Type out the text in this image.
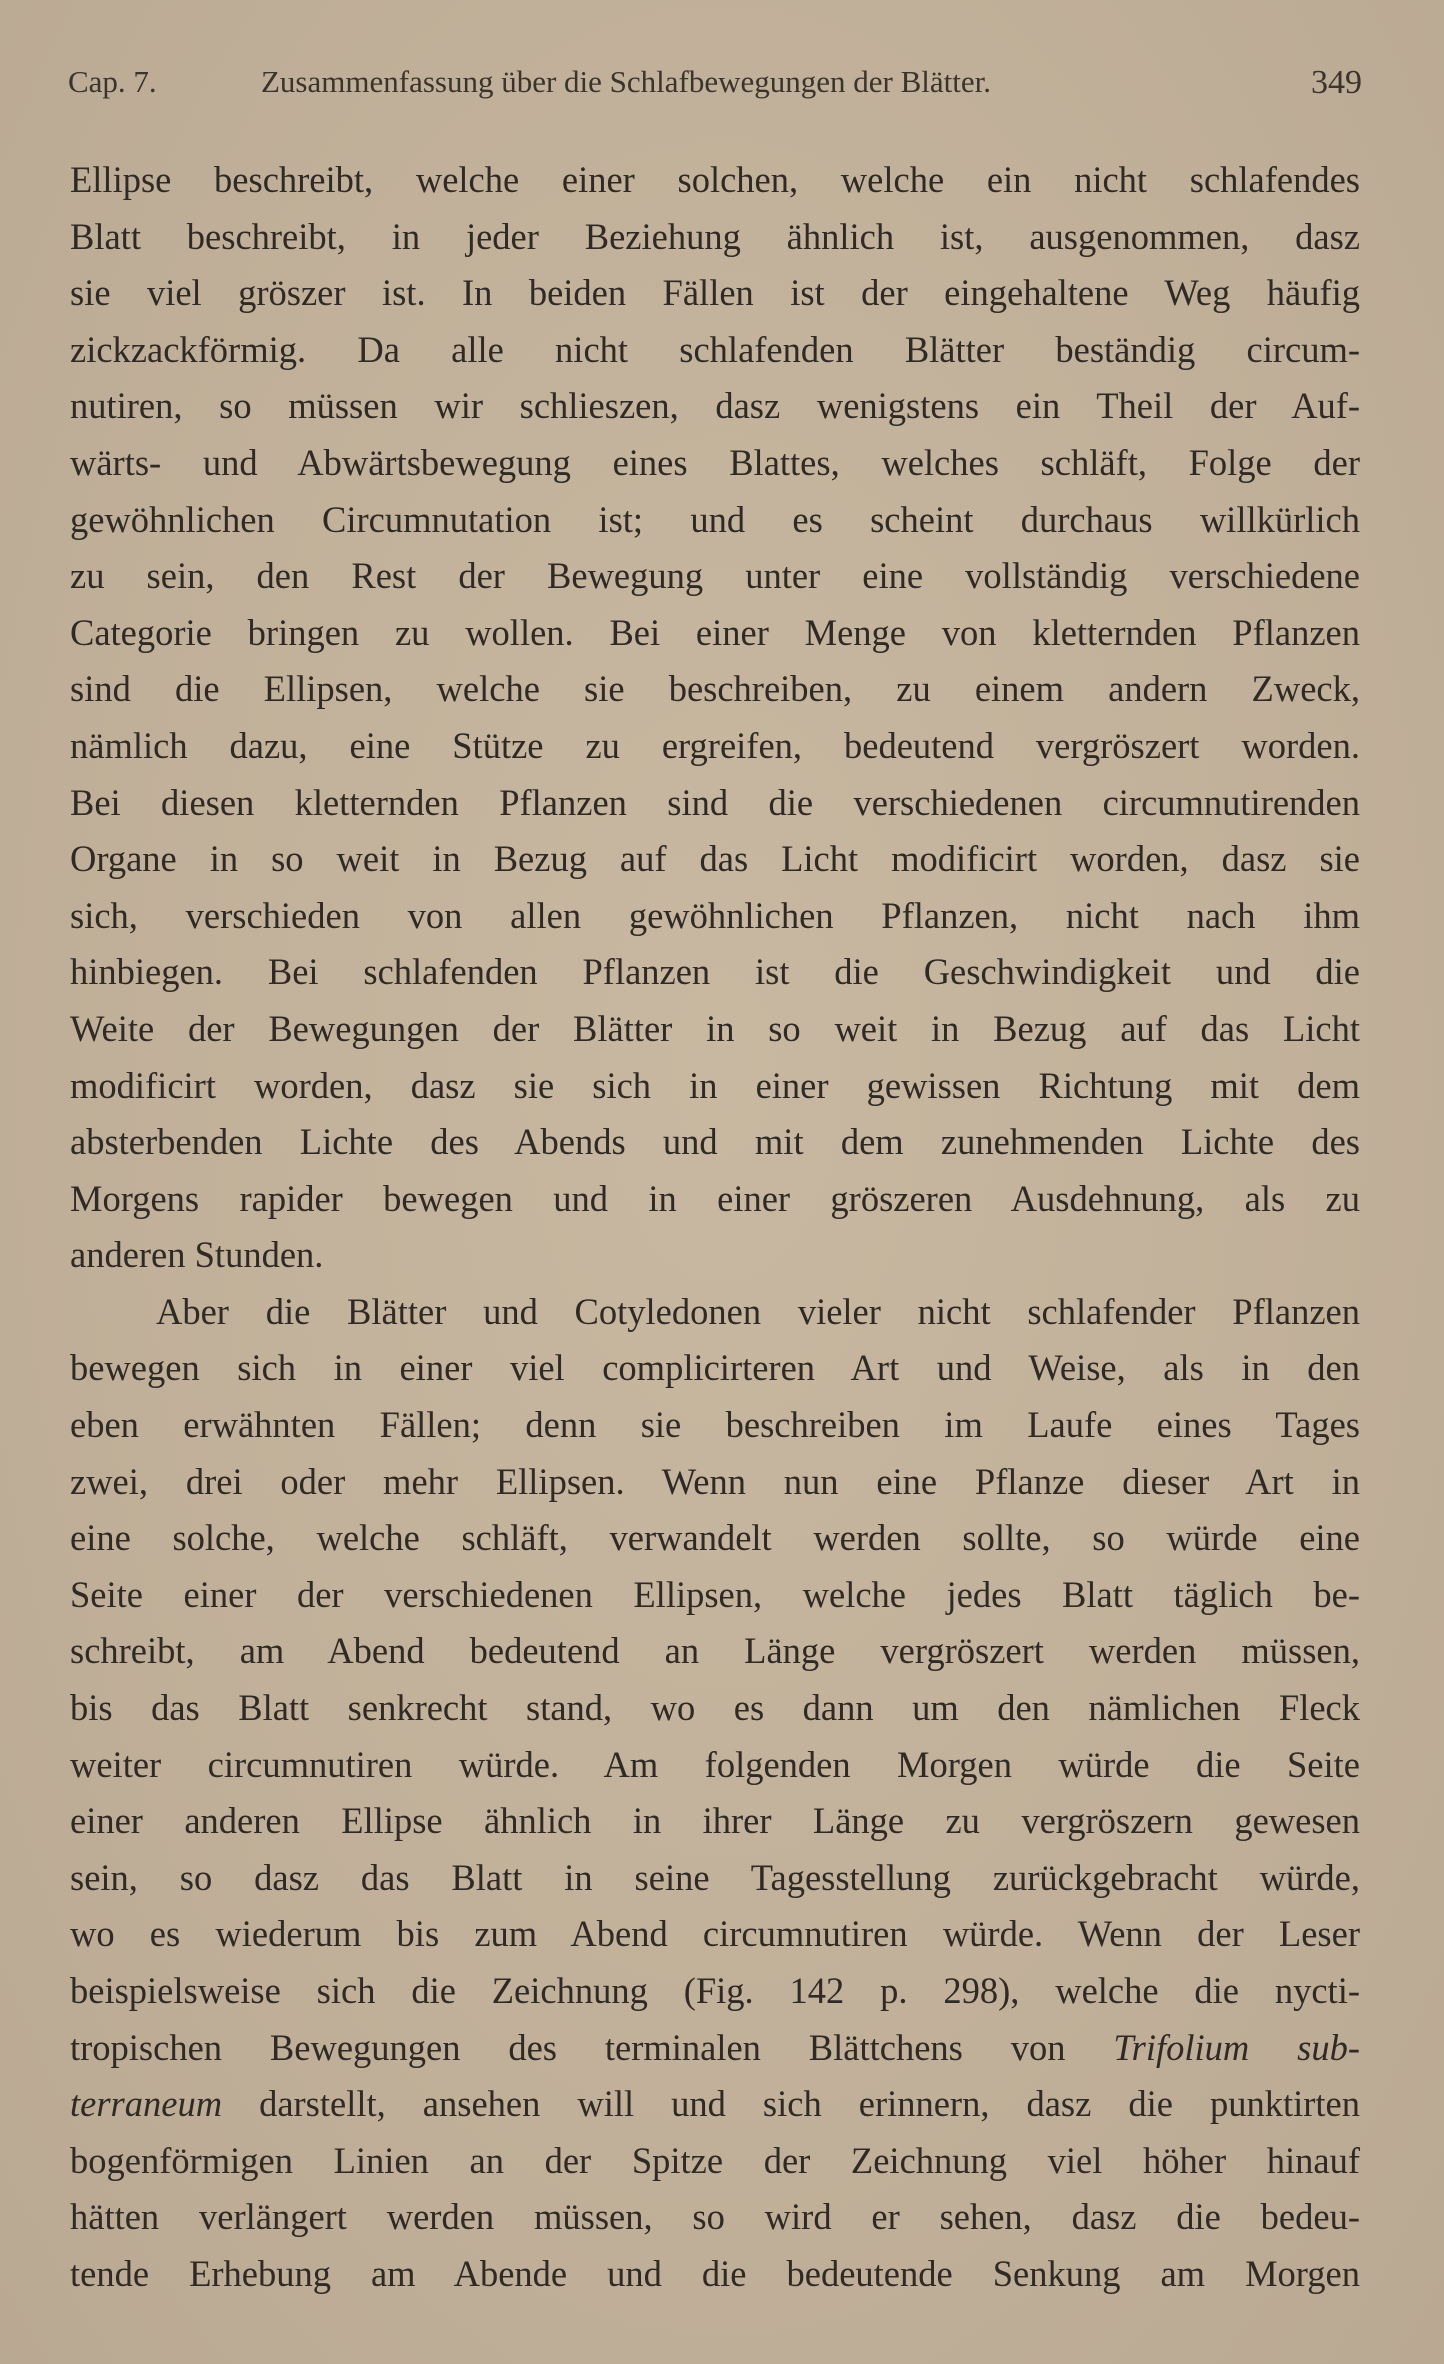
Cap. 7.	Zusammenfassung über die Schlafbewegungen der Blätter.	349
Ellipse beschreibt, welche einer solchen, welche ein nicht schlafendes
Blatt beschreibt, in jeder Beziehung ähnlich ist, ausgenommen, dasz
sie viel gröszer ist. In beiden Fällen ist der eingehaltene Weg häufig
zickzackförmig. Da alle nicht schlafenden Blätter beständig circum-
nutiren, so müssen wir schlieszen, dasz wenigstens ein Theil der Auf-
wärts- und Abwärtsbewegung eines Blattes, welches schläft, Folge der
gewöhnlichen Circumnutation ist; und es scheint durchaus willkürlich
zu sein, den Rest der Bewegung unter eine vollständig verschiedene
Categorie bringen zu wollen. Bei einer Menge von kletternden Pflanzen
sind die Ellipsen, welche sie beschreiben, zu einem andern Zweck,
nämlich dazu, eine Stütze zu ergreifen, bedeutend vergröszert worden.
Bei diesen kletternden Pflanzen sind die verschiedenen circumnutirenden
Organe in so weit in Bezug auf das Licht modificirt worden, dasz sie
sich, verschieden von allen gewöhnlichen Pflanzen, nicht nach ihm
hinbiegen. Bei schlafenden Pflanzen ist die Geschwindigkeit und die
Weite der Bewegungen der Blätter in so weit in Bezug auf das Licht
modificirt worden, dasz sie sich in einer gewissen Richtung mit dem
absterbenden Lichte des Abends und mit dem zunehmenden Lichte des
Morgens rapider bewegen und in einer gröszeren Ausdehnung, als zu
anderen Stunden.
Aber die Blätter und Cotyledonen vieler nicht schlafender Pflanzen
bewegen sich in einer viel complicirteren Art und Weise, als in den
eben erwähnten Fällen; denn sie beschreiben im Laufe eines Tages
zwei, drei oder mehr Ellipsen. Wenn nun eine Pflanze dieser Art in
eine solche, welche schläft, verwandelt werden sollte, so würde eine
Seite einer der verschiedenen Ellipsen, welche jedes Blatt täglich be-
schreibt, am Abend bedeutend an Länge vergröszert werden müssen,
bis das Blatt senkrecht stand, wo es dann um den nämlichen Fleck
weiter circumnutiren würde. Am folgenden Morgen würde die Seite
einer anderen Ellipse ähnlich in ihrer Länge zu vergröszern gewesen
sein, so dasz das Blatt in seine Tagesstellung zurückgebracht würde,
wo es wiederum bis zum Abend circumnutiren würde. Wenn der Leser
beispielsweise sich die Zeichnung (Fig. 142 p. 298), welche die nycti-
tropischen Bewegungen des terminalen Blättchens von Trifolium sub-
terraneum darstellt, ansehen will und sich erinnern, dasz die punktirten
bogenförmigen Linien an der Spitze der Zeichnung viel höher hinauf
hätten verlängert werden müssen, so wird er sehen, dasz die bedeu-
tende Erhebung am Abende und die bedeutende Senkung am Morgen
